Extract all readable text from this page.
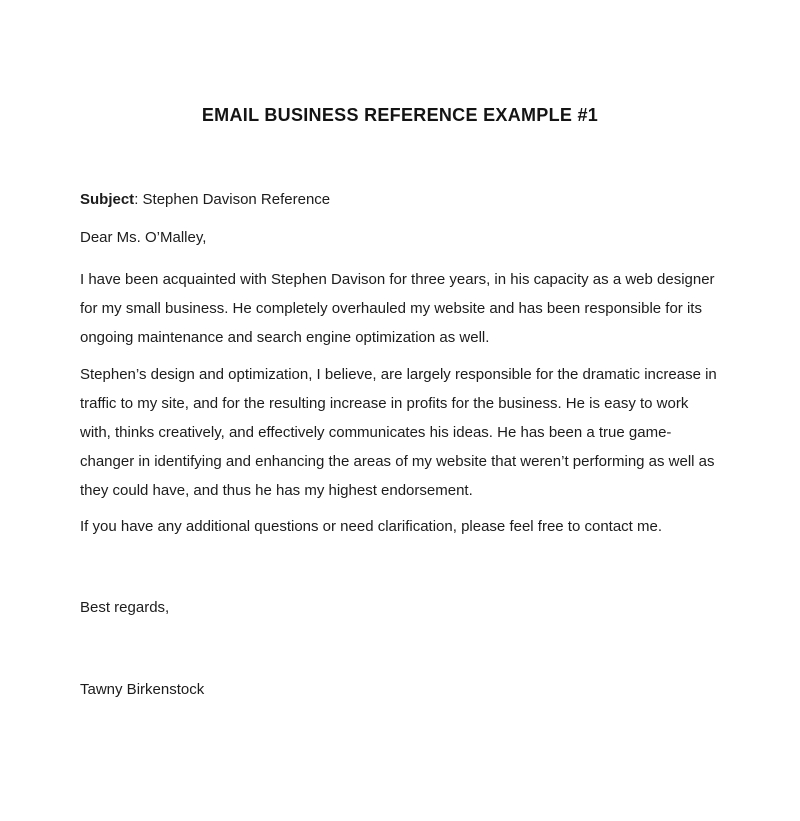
EMAIL BUSINESS REFERENCE EXAMPLE #1

Subject: Stephen Davison Reference

Dear Ms. O’Malley,

I have been acquainted with Stephen Davison for three years, in his capacity as a web designer for my small business. He completely overhauled my website and has been responsible for its ongoing maintenance and search engine optimization as well.

Stephen’s design and optimization, I believe, are largely responsible for the dramatic increase in traffic to my site, and for the resulting increase in profits for the business. He is easy to work with, thinks creatively, and effectively communicates his ideas. He has been a true game-changer in identifying and enhancing the areas of my website that weren’t performing as well as they could have, and thus he has my highest endorsement.

If you have any additional questions or need clarification, please feel free to contact me.

Best regards,

Tawny Birkenstock
